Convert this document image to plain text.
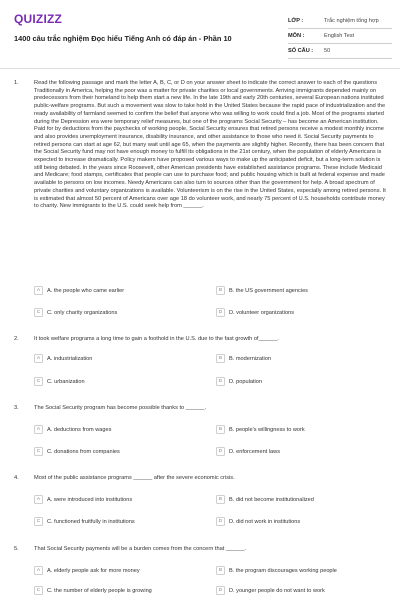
QUIZIZZ
1400 câu trắc nghiệm Đọc hiểu Tiếng Anh có đáp án - Phần 10
LỚP :	Trắc nghiệm tổng hợp
MÔN :	English Test
SỐ CÂU : 50
1.	Read the following passage and mark the letter A, B, C, or D on your answer sheet to indicate the correct answer to each of the questions Traditionally in America, helping the poor was a matter for private charities or local governments. Arriving immigrants depended mainly on predecessors from their homeland to help them start a new life. In the late 19th and early 20th centuries, several European nations instituted public-welfare programs. But such a movement was slow to take hold in the United States because the rapid pace of industrialization and the ready availability of farmland seemed to confirm the belief that anyone who was willing to work could find a job. Most of the programs started during the Depression era were temporary relief measures, but one of the programs Social Security – has become an American institution. Paid for by deductions from the paychecks of working people, Social Security ensures that retired persons receive a modest monthly income and also provides unemployment insurance, disability insurance, and other assistance to those who need it. Social Security payments to retired persons can start at age 62, but many wait until age 65, when the payments are slightly higher. Recently, there has been concern that the Social Security fund may not have enough money to fulfill its obligations in the 21st century, when the population of elderly Americans is expected to increase dramatically. Policy makers have proposed various ways to make up the anticipated deficit, but a long-term solution is still being debated. In the years since Roosevelt, other American presidents have established assistance programs. These include Medicaid and Medicare; food stamps, certificates that people can use to purchase food; and public housing which is built at federal expense and made available to persons on low incomes. Needy Americans can also turn to sources other than the government for help. A broad spectrum of private charities and voluntary organizations is available. Volunteerism is on the rise in the United States, especially among retired persons. It is estimated that almost 50 percent of Americans over age 18 do volunteer work, and nearly 75 percent of U.S. households contribute money to charity. New immigrants to the U.S. could seek help from ______.
A	A. the people who came earlier	B	B. the US government agencies
C	C. only charity organizations	D	D. volunteer organizations
2.	It took welfare programs a long time to gain a foothold in the U.S. due to the fast growth of______.
A	A. industrialization	B	B. modernization
C	C. urbanization	D	D. population
3.	The Social Security program has become possible thanks to ______.
A	A. deductions from wages	B	B. people's willingness to work
C	C. donations from companies	D	D. enforcement laws
4.	Most of the public assistance programs ______ after the severe economic crisis.
A	A. were introduced into institutions	B	B. did not become institutionalized
C	C. functioned fruitfully in institutions	D	D. did not work in institutions
5.	That Social Security payments will be a burden comes from the concern that ______.
A	A. elderly people ask for more money	B	B. the program discourages working people
C	C. the number of elderly people is growing	D	D. younger people do not want to work
